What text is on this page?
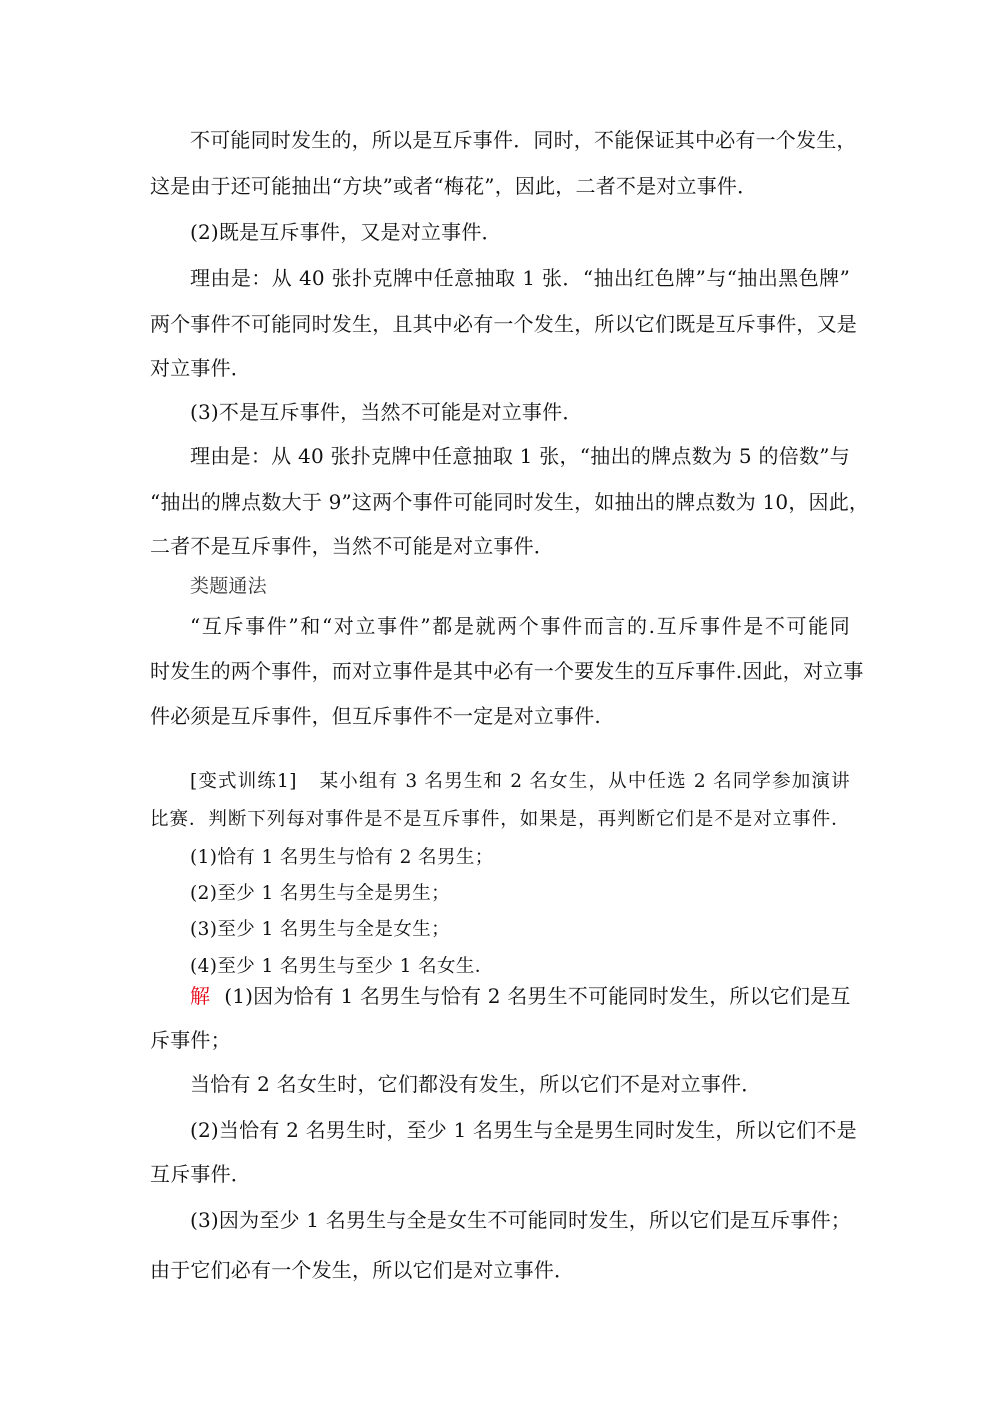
不可能同时发生的，所以是互斥事件．同时，不能保证其中必有一个发生，
这是由于还可能抽出“方块”或者“梅花”，因此，二者不是对立事件．
(2)既是互斥事件，又是对立事件．
理由是：从 40 张扑克牌中任意抽取 1 张．“抽出红色牌”与“抽出黑色牌”
两个事件不可能同时发生，且其中必有一个发生，所以它们既是互斥事件，又是
对立事件．
(3)不是互斥事件，当然不可能是对立事件．
理由是：从 40 张扑克牌中任意抽取 1 张，“抽出的牌点数为 5 的倍数”与
“抽出的牌点数大于 9”这两个事件可能同时发生，如抽出的牌点数为 10，因此，
二者不是互斥事件，当然不可能是对立事件．
类题通法
“互斥事件”和“对立事件”都是就两个事件而言的.互斥事件是不可能同
时发生的两个事件，而对立事件是其中必有一个要发生的互斥事件.因此，对立事
件必须是互斥事件，但互斥事件不一定是对立事件.
[变式训练1] 某小组有 3 名男生和 2 名女生，从中任选 2 名同学参加演讲
比赛．判断下列每对事件是不是互斥事件，如果是，再判断它们是不是对立事件．
(1)恰有 1 名男生与恰有 2 名男生；
(2)至少 1 名男生与全是男生；
(3)至少 1 名男生与全是女生；
(4)至少 1 名男生与至少 1 名女生．
解 (1)因为恰有 1 名男生与恰有 2 名男生不可能同时发生，所以它们是互
斥事件；
当恰有 2 名女生时，它们都没有发生，所以它们不是对立事件．
(2)当恰有 2 名男生时，至少 1 名男生与全是男生同时发生，所以它们不是
互斥事件．
(3)因为至少 1 名男生与全是女生不可能同时发生，所以它们是互斥事件；
由于它们必有一个发生，所以它们是对立事件．
